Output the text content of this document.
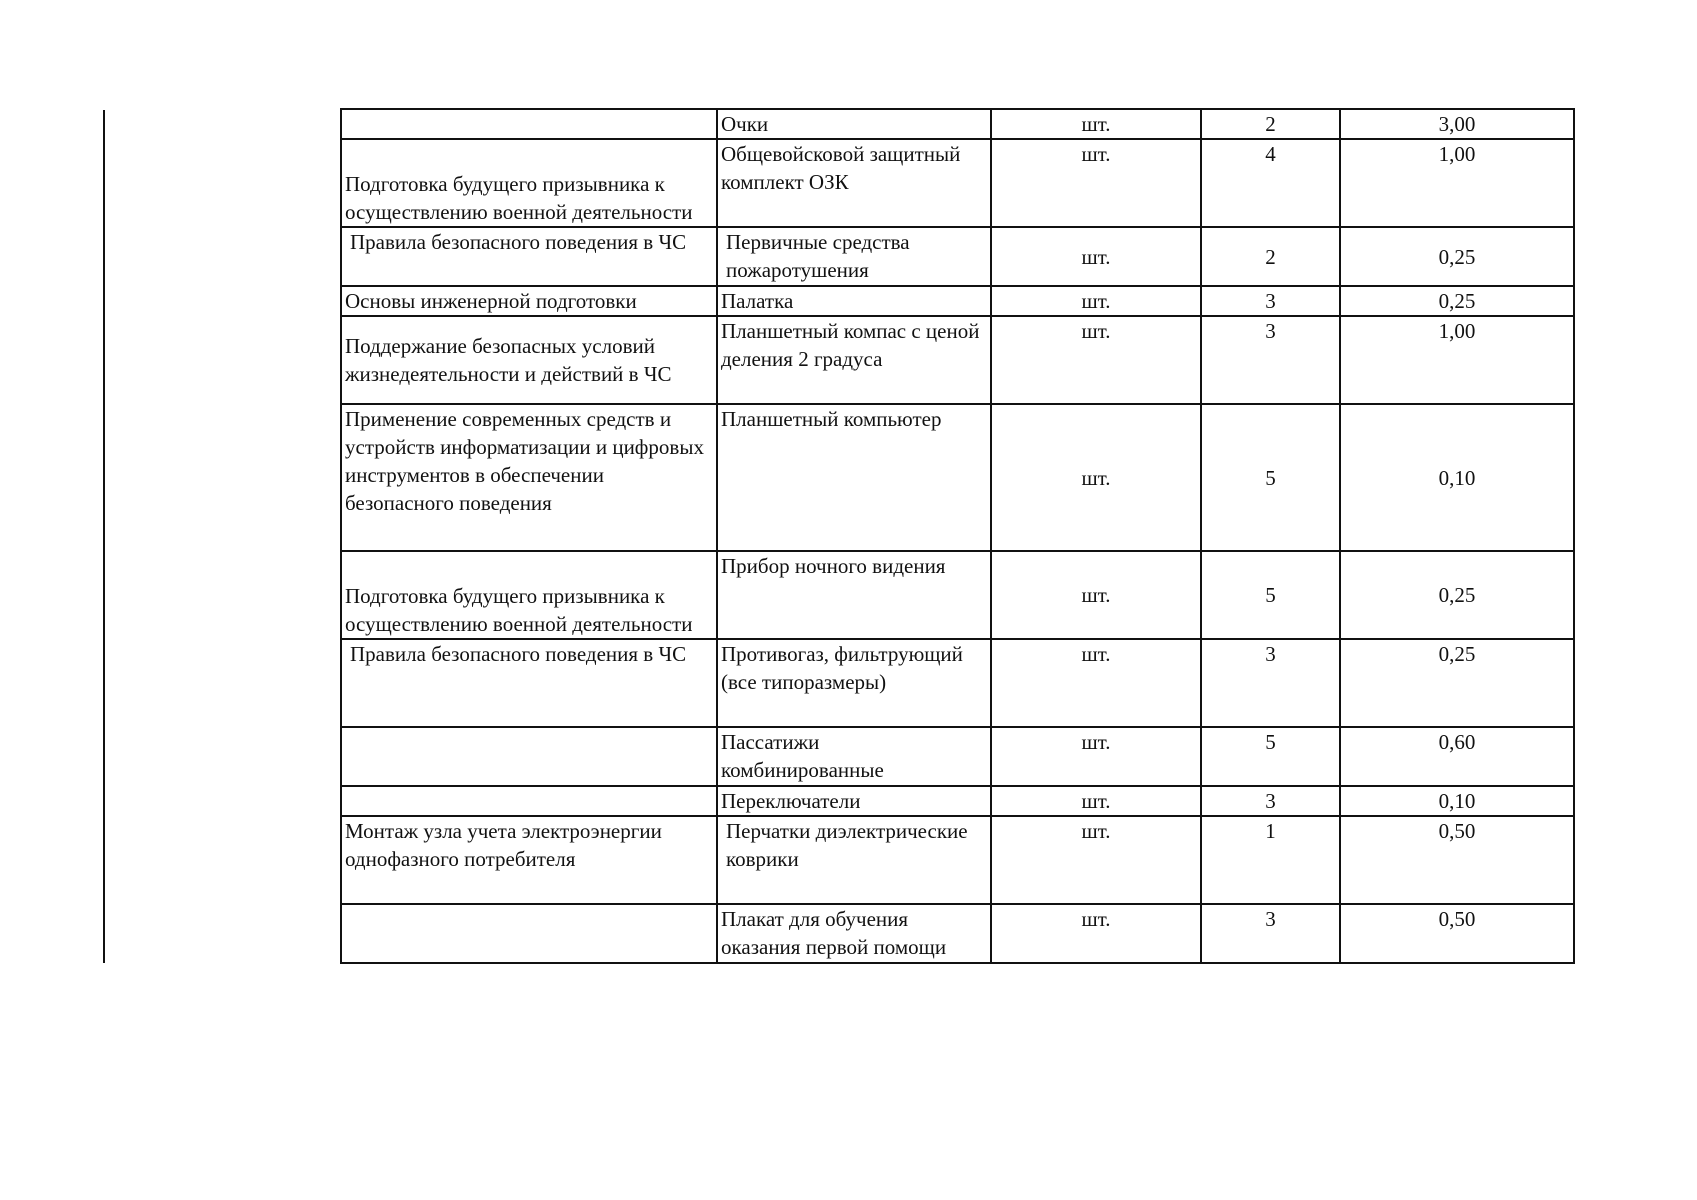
	Очки	шт.	2	3,00
Подготовка будущего призывника к осуществлению военной деятельности	Общевойсковой защитный комплект ОЗК	шт.	4	1,00
Правила безопасного поведения в ЧС	Первичные средства пожаротушения	шт.	2	0,25
Основы инженерной подготовки	Палатка	шт.	3	0,25
Поддержание безопасных условий жизнедеятельности и действий в ЧС	Планшетный компас с ценой деления 2 градуса	шт.	3	1,00
Применение современных средств и устройств информатизации и цифровых инструментов в обеспечении безопасного поведения	Планшетный компьютер	шт.	5	0,10
Подготовка будущего призывника к осуществлению военной деятельности	Прибор ночного видения	шт.	5	0,25
Правила безопасного поведения в ЧС	Противогаз, фильтрующий (все типоразмеры)	шт.	3	0,25
	Пассатижи комбинированные	шт.	5	0,60
	Переключатели	шт.	3	0,10
Монтаж узла учета электроэнергии однофазного потребителя	Перчатки диэлектрические коврики	шт.	1	0,50
	Плакат для обучения оказания первой помощи	шт.	3	0,50
